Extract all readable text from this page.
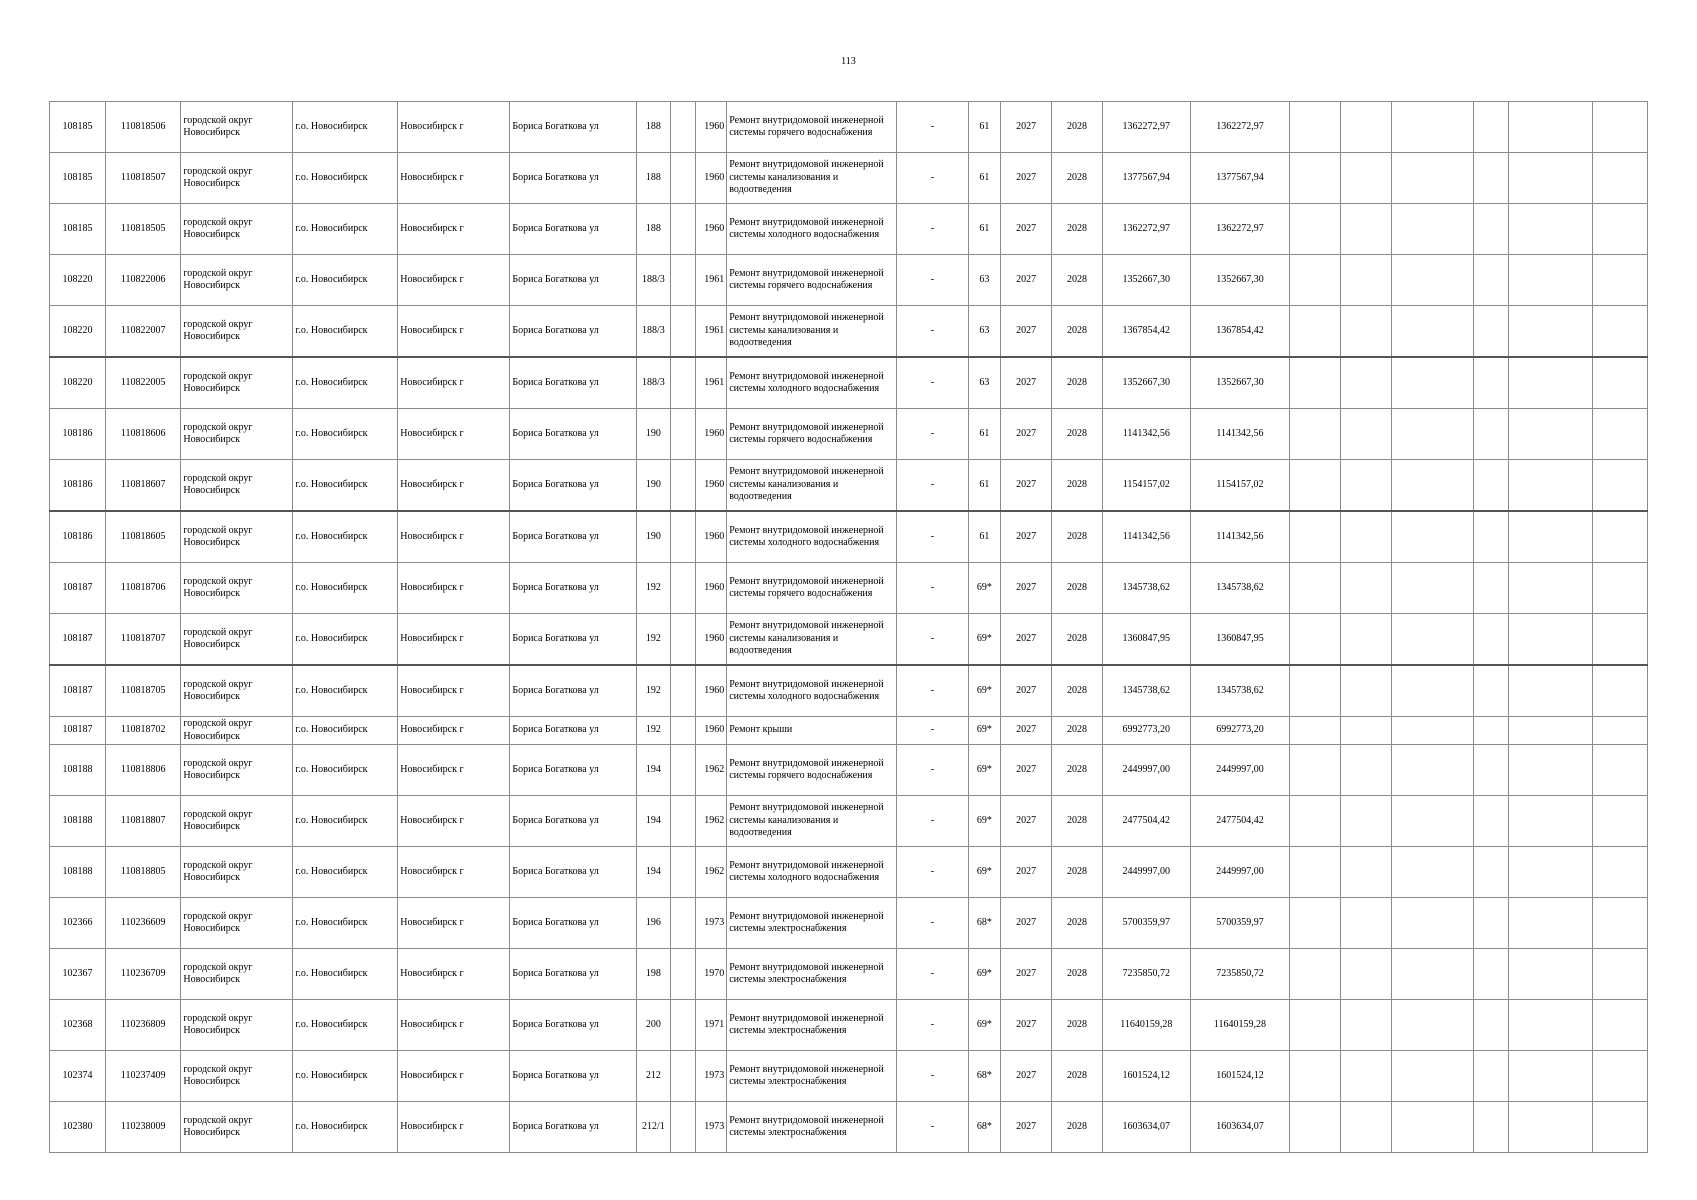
113
108185	110818506	городской округ Новосибирск	г.о. Новосибирск	Новосибирск г	Бориса Богаткова ул	188		1960	Ремонт внутридомовой инженерной системы горячего водоснабжения	-	61	2027	2028	1362272,97	1362272,97						
108185	110818507	городской округ Новосибирск	г.о. Новосибирск	Новосибирск г	Бориса Богаткова ул	188		1960	Ремонт внутридомовой инженерной системы канализования и водоотведения	-	61	2027	2028	1377567,94	1377567,94						
108185	110818505	городской округ Новосибирск	г.о. Новосибирск	Новосибирск г	Бориса Богаткова ул	188		1960	Ремонт внутридомовой инженерной системы холодного водоснабжения	-	61	2027	2028	1362272,97	1362272,97						
108220	110822006	городской округ Новосибирск	г.о. Новосибирск	Новосибирск г	Бориса Богаткова ул	188/3		1961	Ремонт внутридомовой инженерной системы горячего водоснабжения	-	63	2027	2028	1352667,30	1352667,30						
108220	110822007	городской округ Новосибирск	г.о. Новосибирск	Новосибирск г	Бориса Богаткова ул	188/3		1961	Ремонт внутридомовой инженерной системы канализования и водоотведения	-	63	2027	2028	1367854,42	1367854,42						
108220	110822005	городской округ Новосибирск	г.о. Новосибирск	Новосибирск г	Бориса Богаткова ул	188/3		1961	Ремонт внутридомовой инженерной системы холодного водоснабжения	-	63	2027	2028	1352667,30	1352667,30						
108186	110818606	городской округ Новосибирск	г.о. Новосибирск	Новосибирск г	Бориса Богаткова ул	190		1960	Ремонт внутридомовой инженерной системы горячего водоснабжения	-	61	2027	2028	1141342,56	1141342,56						
108186	110818607	городской округ Новосибирск	г.о. Новосибирск	Новосибирск г	Бориса Богаткова ул	190		1960	Ремонт внутридомовой инженерной системы канализования и водоотведения	-	61	2027	2028	1154157,02	1154157,02						
108186	110818605	городской округ Новосибирск	г.о. Новосибирск	Новосибирск г	Бориса Богаткова ул	190		1960	Ремонт внутридомовой инженерной системы холодного водоснабжения	-	61	2027	2028	1141342,56	1141342,56						
108187	110818706	городской округ Новосибирск	г.о. Новосибирск	Новосибирск г	Бориса Богаткова ул	192		1960	Ремонт внутридомовой инженерной системы горячего водоснабжения	-	69*	2027	2028	1345738,62	1345738,62						
108187	110818707	городской округ Новосибирск	г.о. Новосибирск	Новосибирск г	Бориса Богаткова ул	192		1960	Ремонт внутридомовой инженерной системы канализования и водоотведения	-	69*	2027	2028	1360847,95	1360847,95						
108187	110818705	городской округ Новосибирск	г.о. Новосибирск	Новосибирск г	Бориса Богаткова ул	192		1960	Ремонт внутридомовой инженерной системы холодного водоснабжения	-	69*	2027	2028	1345738,62	1345738,62						
108187	110818702	городской округ Новосибирск	г.о. Новосибирск	Новосибирск г	Бориса Богаткова ул	192		1960	Ремонт крыши	-	69*	2027	2028	6992773,20	6992773,20						
108188	110818806	городской округ Новосибирск	г.о. Новосибирск	Новосибирск г	Бориса Богаткова ул	194		1962	Ремонт внутридомовой инженерной системы горячего водоснабжения	-	69*	2027	2028	2449997,00	2449997,00						
108188	110818807	городской округ Новосибирск	г.о. Новосибирск	Новосибирск г	Бориса Богаткова ул	194		1962	Ремонт внутридомовой инженерной системы канализования и водоотведения	-	69*	2027	2028	2477504,42	2477504,42						
108188	110818805	городской округ Новосибирск	г.о. Новосибирск	Новосибирск г	Бориса Богаткова ул	194		1962	Ремонт внутридомовой инженерной системы холодного водоснабжения	-	69*	2027	2028	2449997,00	2449997,00						
102366	110236609	городской округ Новосибирск	г.о. Новосибирск	Новосибирск г	Бориса Богаткова ул	196		1973	Ремонт внутридомовой инженерной системы электроснабжения	-	68*	2027	2028	5700359,97	5700359,97						
102367	110236709	городской округ Новосибирск	г.о. Новосибирск	Новосибирск г	Бориса Богаткова ул	198		1970	Ремонт внутридомовой инженерной системы электроснабжения	-	69*	2027	2028	7235850,72	7235850,72						
102368	110236809	городской округ Новосибирск	г.о. Новосибирск	Новосибирск г	Бориса Богаткова ул	200		1971	Ремонт внутридомовой инженерной системы электроснабжения	-	69*	2027	2028	11640159,28	11640159,28						
102374	110237409	городской округ Новосибирск	г.о. Новосибирск	Новосибирск г	Бориса Богаткова ул	212		1973	Ремонт внутридомовой инженерной системы электроснабжения	-	68*	2027	2028	1601524,12	1601524,12						
102380	110238009	городской округ Новосибирск	г.о. Новосибирск	Новосибирск г	Бориса Богаткова ул	212/1		1973	Ремонт внутридомовой инженерной системы электроснабжения	-	68*	2027	2028	1603634,07	1603634,07						
